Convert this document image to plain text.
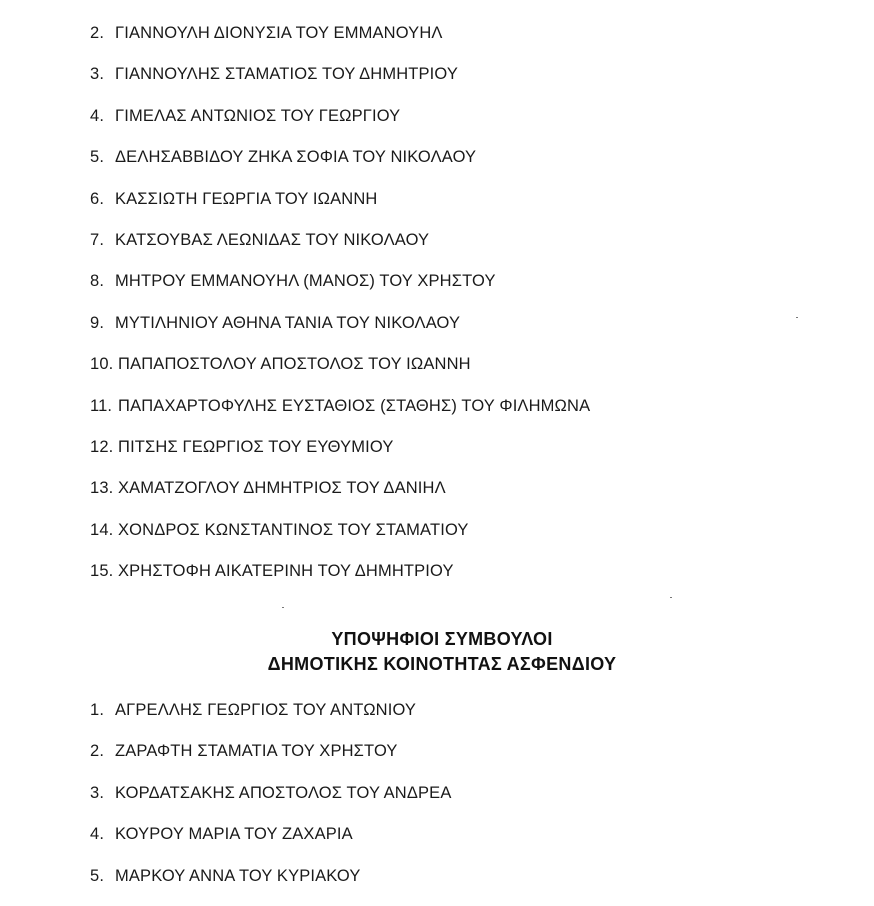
2. ΓΙΑΝΝΟΥΛΗ ΔΙΟΝΥΣΙΑ ΤΟΥ ΕΜΜΑΝΟΥΗΛ
3. ΓΙΑΝΝΟΥΛΗΣ ΣΤΑΜΑΤΙΟΣ ΤΟΥ ΔΗΜΗΤΡΙΟΥ
4. ΓΙΜΕΛΑΣ ΑΝΤΩΝΙΟΣ ΤΟΥ ΓΕΩΡΓΙΟΥ
5. ΔΕΛΗΣΑΒΒΙΔΟΥ ΖΗΚΑ ΣΟΦΙΑ ΤΟΥ ΝΙΚΟΛΑΟΥ
6. ΚΑΣΣΙΩΤΗ ΓΕΩΡΓΙΑ ΤΟΥ ΙΩΑΝΝΗ
7. ΚΑΤΣΟΥΒΑΣ ΛΕΩΝΙΔΑΣ ΤΟΥ ΝΙΚΟΛΑΟΥ
8. ΜΗΤΡΟΥ ΕΜΜΑΝΟΥΗΛ (ΜΑΝΟΣ) ΤΟΥ ΧΡΗΣΤΟΥ
9. ΜΥΤΙΛΗΝΙΟΥ ΑΘΗΝΑ ΤΑΝΙΑ ΤΟΥ ΝΙΚΟΛΑΟΥ
10. ΠΑΠΑΠΟΣΤΟΛΟΥ ΑΠΟΣΤΟΛΟΣ ΤΟΥ ΙΩΑΝΝΗ
11. ΠΑΠΑΧΑΡΤΟΦΥΛΗΣ ΕΥΣΤΑΘΙΟΣ (ΣΤΑΘΗΣ) ΤΟΥ ΦΙΛΗΜΩΝΑ
12. ΠΙΤΣΗΣ ΓΕΩΡΓΙΟΣ ΤΟΥ ΕΥΘΥΜΙΟΥ
13. ΧΑΜΑΤΖΟΓΛΟΥ ΔΗΜΗΤΡΙΟΣ ΤΟΥ ΔΑΝΙΗΛ
14. ΧΟΝΔΡΟΣ ΚΩΝΣΤΑΝΤΙΝΟΣ ΤΟΥ ΣΤΑΜΑΤΙΟΥ
15. ΧΡΗΣΤΟΦΗ ΑΙΚΑΤΕΡΙΝΗ ΤΟΥ ΔΗΜΗΤΡΙΟΥ
ΥΠΟΨΗΦΙΟΙ ΣΥΜΒΟΥΛΟΙ
ΔΗΜΟΤΙΚΗΣ ΚΟΙΝΟΤΗΤΑΣ ΑΣΦΕΝΔΙΟΥ
1. ΑΓΡΕΛΛΗΣ ΓΕΩΡΓΙΟΣ ΤΟΥ ΑΝΤΩΝΙΟΥ
2. ΖΑΡΑΦΤΗ ΣΤΑΜΑΤΙΑ ΤΟΥ ΧΡΗΣΤΟΥ
3. ΚΟΡΔΑΤΣΑΚΗΣ ΑΠΟΣΤΟΛΟΣ ΤΟΥ ΑΝΔΡΕΑ
4. ΚΟΥΡΟΥ ΜΑΡΙΑ ΤΟΥ ΖΑΧΑΡΙΑ
5. ΜΑΡΚΟΥ ΑΝΝΑ ΤΟΥ ΚΥΡΙΑΚΟΥ
